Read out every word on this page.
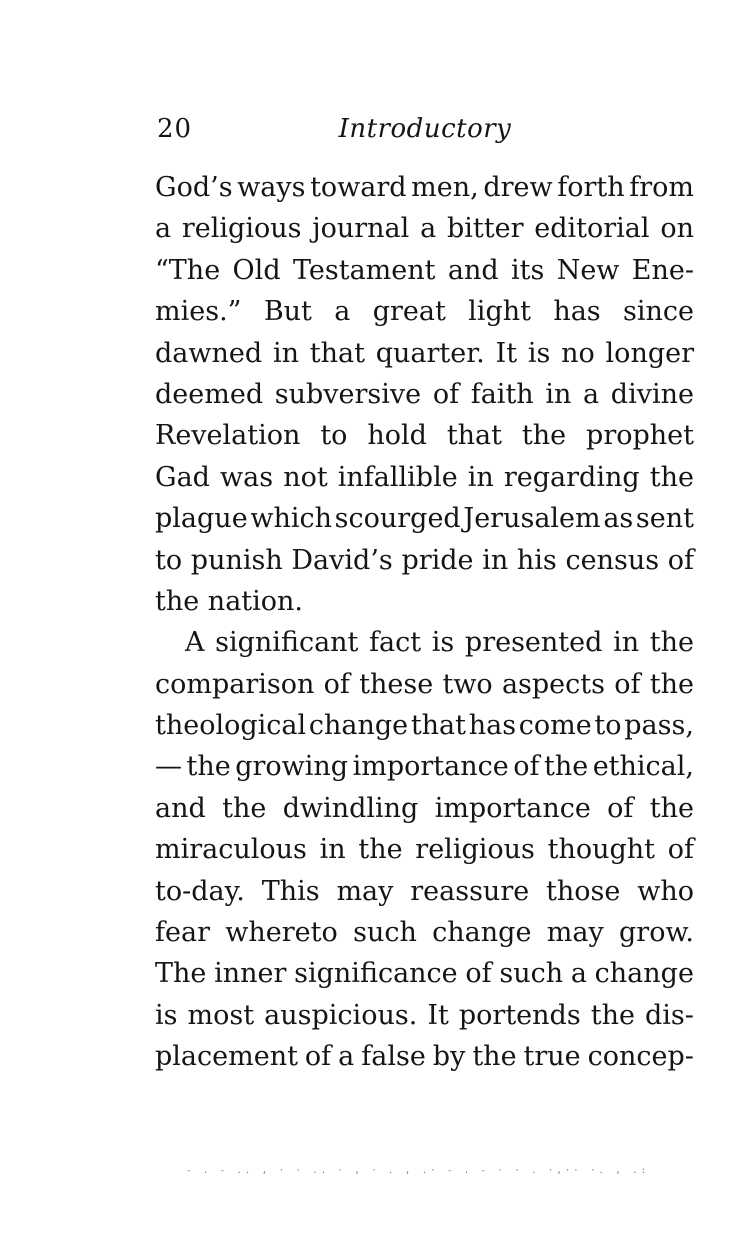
20	Introductory
God’s ways toward men, drew forth from
a religious journal a bitter editorial on
“The Old Testament and its New Ene-
mies.” But a great light has since
dawned in that quarter. It is no longer
deemed subversive of faith in a divine
Revelation to hold that the prophet
Gad was not infallible in regarding the
plague which scourged Jerusalem as sent
to punish David’s pride in his census of
the nation.
A significant fact is presented in the
comparison of these two aspects of the
theological change that has come to pass,
— the growing importance of the ethical,
and the dwindling importance of the
miraculous in the religious thought of
to-day. This may reassure those who
fear whereto such change may grow.
The inner significance of such a change
is most auspicious. It portends the dis-
placement of a false by the true concep-
- . - .. , · · .. · , · . , .· - . - · · . ·,·· ·. , .:
